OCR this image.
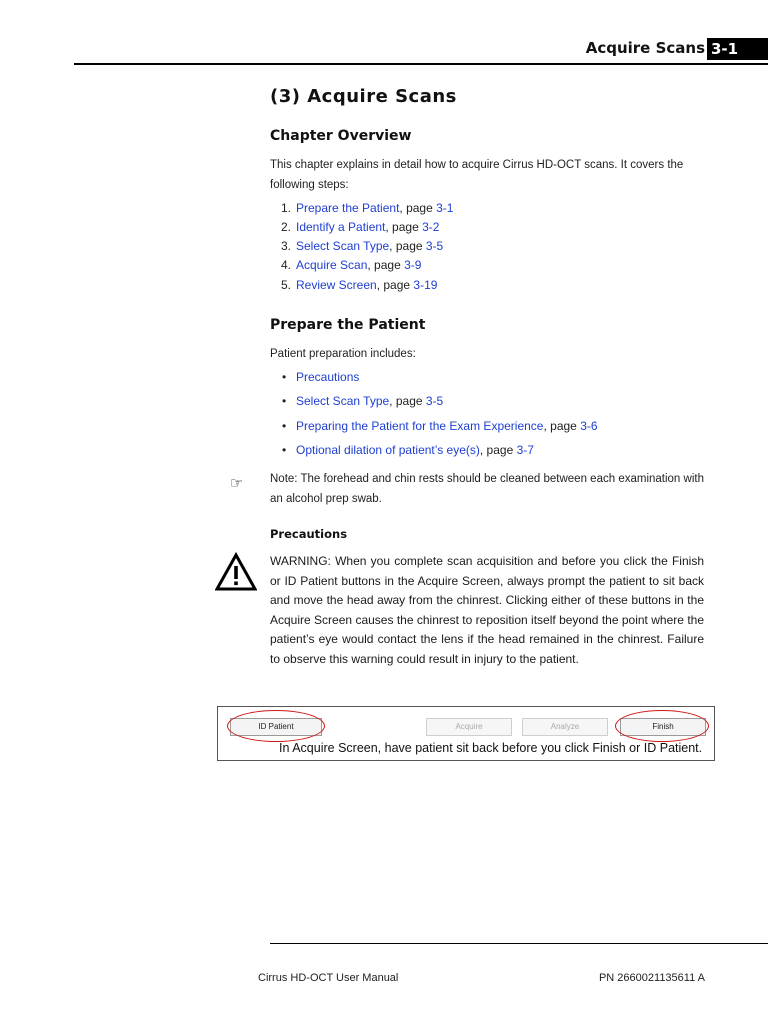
Acquire Scans 3-1
(3) Acquire Scans
Chapter Overview
This chapter explains in detail how to acquire Cirrus HD-OCT scans. It covers the following steps:
1. Prepare the Patient, page 3-1
2. Identify a Patient, page 3-2
3. Select Scan Type, page 3-5
4. Acquire Scan, page 3-9
5. Review Screen, page 3-19
Prepare the Patient
Patient preparation includes:
• Precautions
• Select Scan Type, page 3-5
• Preparing the Patient for the Exam Experience, page 3-6
• Optional dilation of patient’s eye(s), page 3-7
☞ Note: The forehead and chin rests should be cleaned between each examination with an alcohol prep swab.
Precautions
WARNING: When you complete scan acquisition and before you click the Finish or ID Patient buttons in the Acquire Screen, always prompt the patient to sit back and move the head away from the chinrest. Clicking either of these buttons in the Acquire Screen causes the chinrest to reposition itself beyond the point where the patient’s eye would contact the lens if the head remained in the chinrest. Failure to observe this warning could result in injury to the patient.
ID Patient	Acquire	Analyze	Finish
In Acquire Screen, have patient sit back before you click Finish or ID Patient.
Cirrus HD-OCT User Manual	PN 2660021135611 A
